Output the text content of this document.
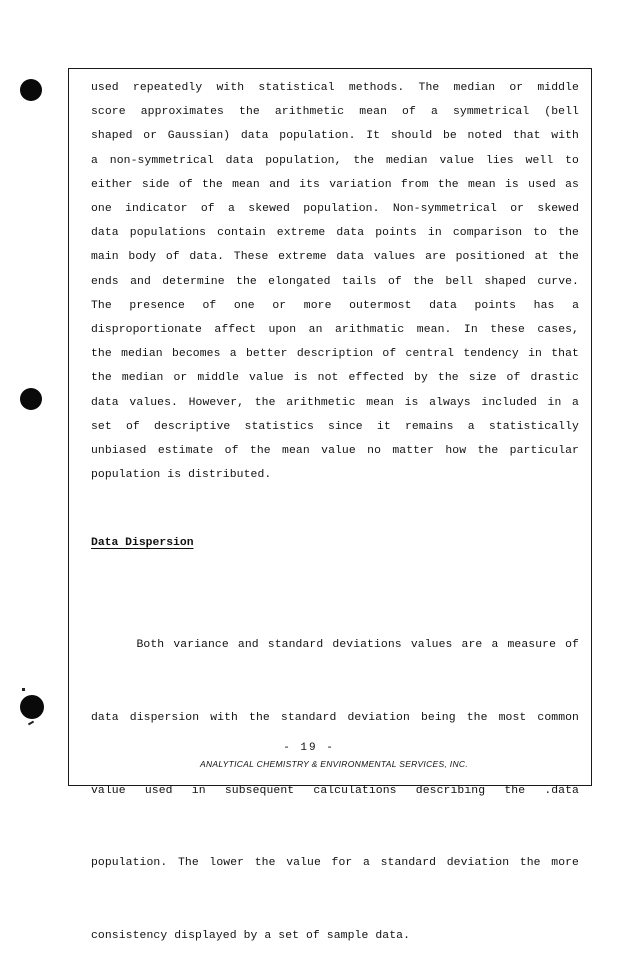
used repeatedly with statistical methods. The median or middle
score approximates the arithmetic mean of a symmetrical (bell
shaped or Gaussian) data population. It should be noted that with
a non-symmetrical data population, the median value lies well to
either side of the mean and its variation from the mean is used as
one indicator of a skewed population. Non-symmetrical or skewed
data populations contain extreme data points in comparison to the
main body of data. These extreme data values are positioned at the
ends and determine the elongated tails of the bell shaped curve.
The presence of one or more outermost data points has a
disproportionate affect upon an arithmatic mean. In these cases,
the median becomes a better description of central tendency in that
the median or middle value is not effected by the size of drastic
data values. However, the arithmetic mean is always included in a
set of descriptive statistics since it remains a statistically
unbiased estimate of the mean value no matter how the particular
population is distributed.
Data Dispersion

Both variance and standard deviations values are a measure of

data dispersion with the standard deviation being the most common

value used in subsequent calculations describing the .data

population. The lower the value for a standard deviation the more

consistency displayed by a set of sample data.

- 19 -
ANALYTICAL CHEMISTRY & ENVIRONMENTAL SERVICES, INC.
